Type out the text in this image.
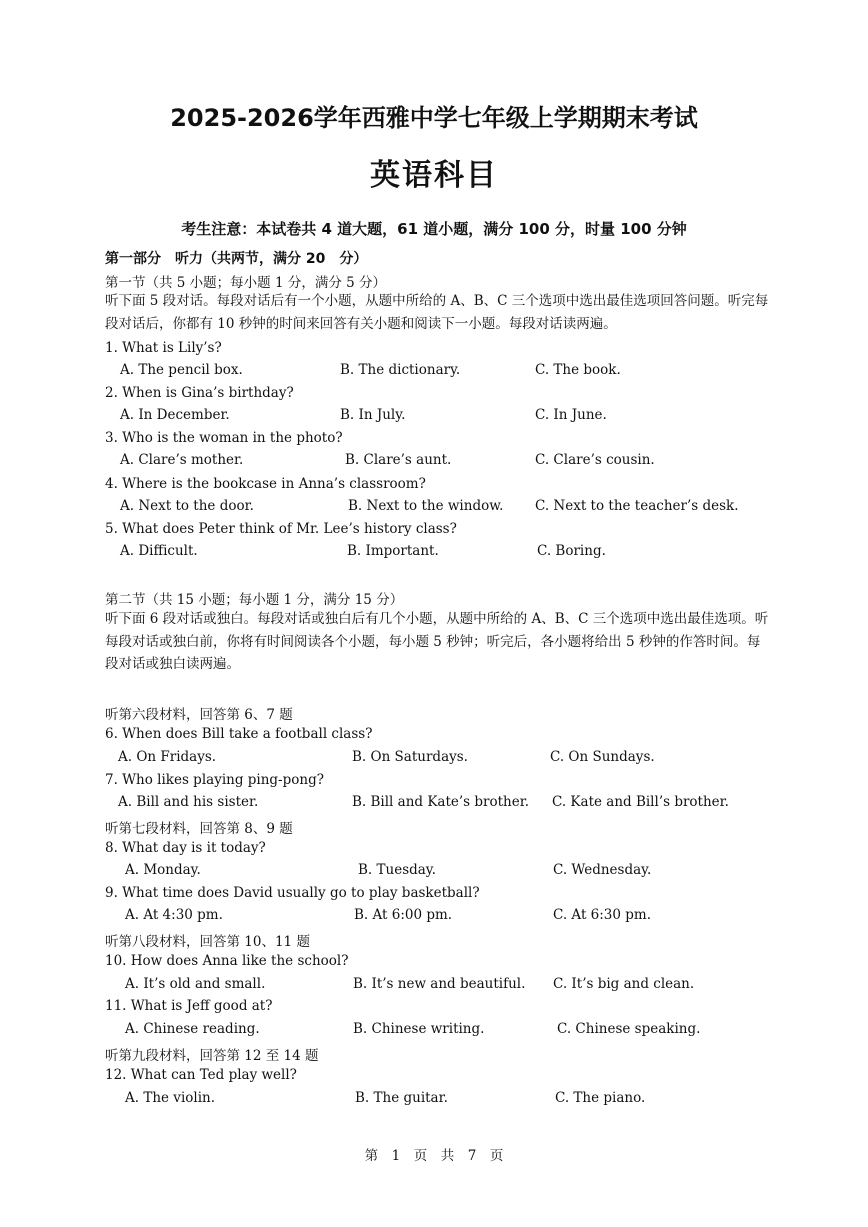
2025-2026学年西雅中学七年级上学期期末考试
英语科目
考生注意：本试卷共 4 道大题，61 道小题，满分 100 分，时量 100 分钟
第一部分　听力（共两节，满分 20　分）
第一节（共 5 小题；每小题 1 分，满分 5 分）
听下面 5 段对话。每段对话后有一个小题，从题中所给的 A、B、C 三个选项中选出最佳选项回答问题。听完每段对话后，你都有 10 秒钟的时间来回答有关小题和阅读下一小题。每段对话读两遍。
1. What is Lily’s?
A. The pencil box.	B. The dictionary.	C. The book.
2. When is Gina’s birthday?
A. In December.	B. In July.	C. In June.
3. Who is the woman in the photo?
A. Clare’s mother.	B. Clare’s aunt.	C. Clare’s cousin.
4. Where is the bookcase in Anna’s classroom?
A. Next to the door.	B. Next to the window. C. Next to the teacher’s desk.
5. What does Peter think of Mr. Lee’s history class?
A. Difficult.	B. Important.	C. Boring.
第二节（共 15 小题；每小题 1 分，满分 15 分）
听下面 6 段对话或独白。每段对话或独白后有几个小题，从题中所给的 A、B、C 三个选项中选出最佳选项。听每段对话或独白前，你将有时间阅读各个小题，每小题 5 秒钟；听完后，各小题将给出 5 秒钟的作答时间。每段对话或独白读两遍。
听第六段材料，回答第 6、7 题
6. When does Bill take a football class?
A. On Fridays.	B. On Saturdays.	C. On Sundays.
7. Who likes playing ping-pong?
A. Bill and his sister.	B. Bill and Kate’s brother. C. Kate and Bill’s brother.
听第七段材料，回答第 8、9 题
8. What day is it today?
A. Monday.	B. Tuesday.	C. Wednesday.
9. What time does David usually go to play basketball?
A. At 4:30 pm.	B. At 6:00 pm.	C. At 6:30 pm.
听第八段材料，回答第 10、11 题
10. How does Anna like the school?
A. It’s old and small.	B. It’s new and beautiful. C. It’s big and clean.
11. What is Jeff good at?
A. Chinese reading.	B. Chinese writing.	C. Chinese speaking.
听第九段材料，回答第 12 至 14 题
12. What can Ted play well?
A. The violin.	B. The guitar.	C. The piano.
第　1　页　共　7　页
